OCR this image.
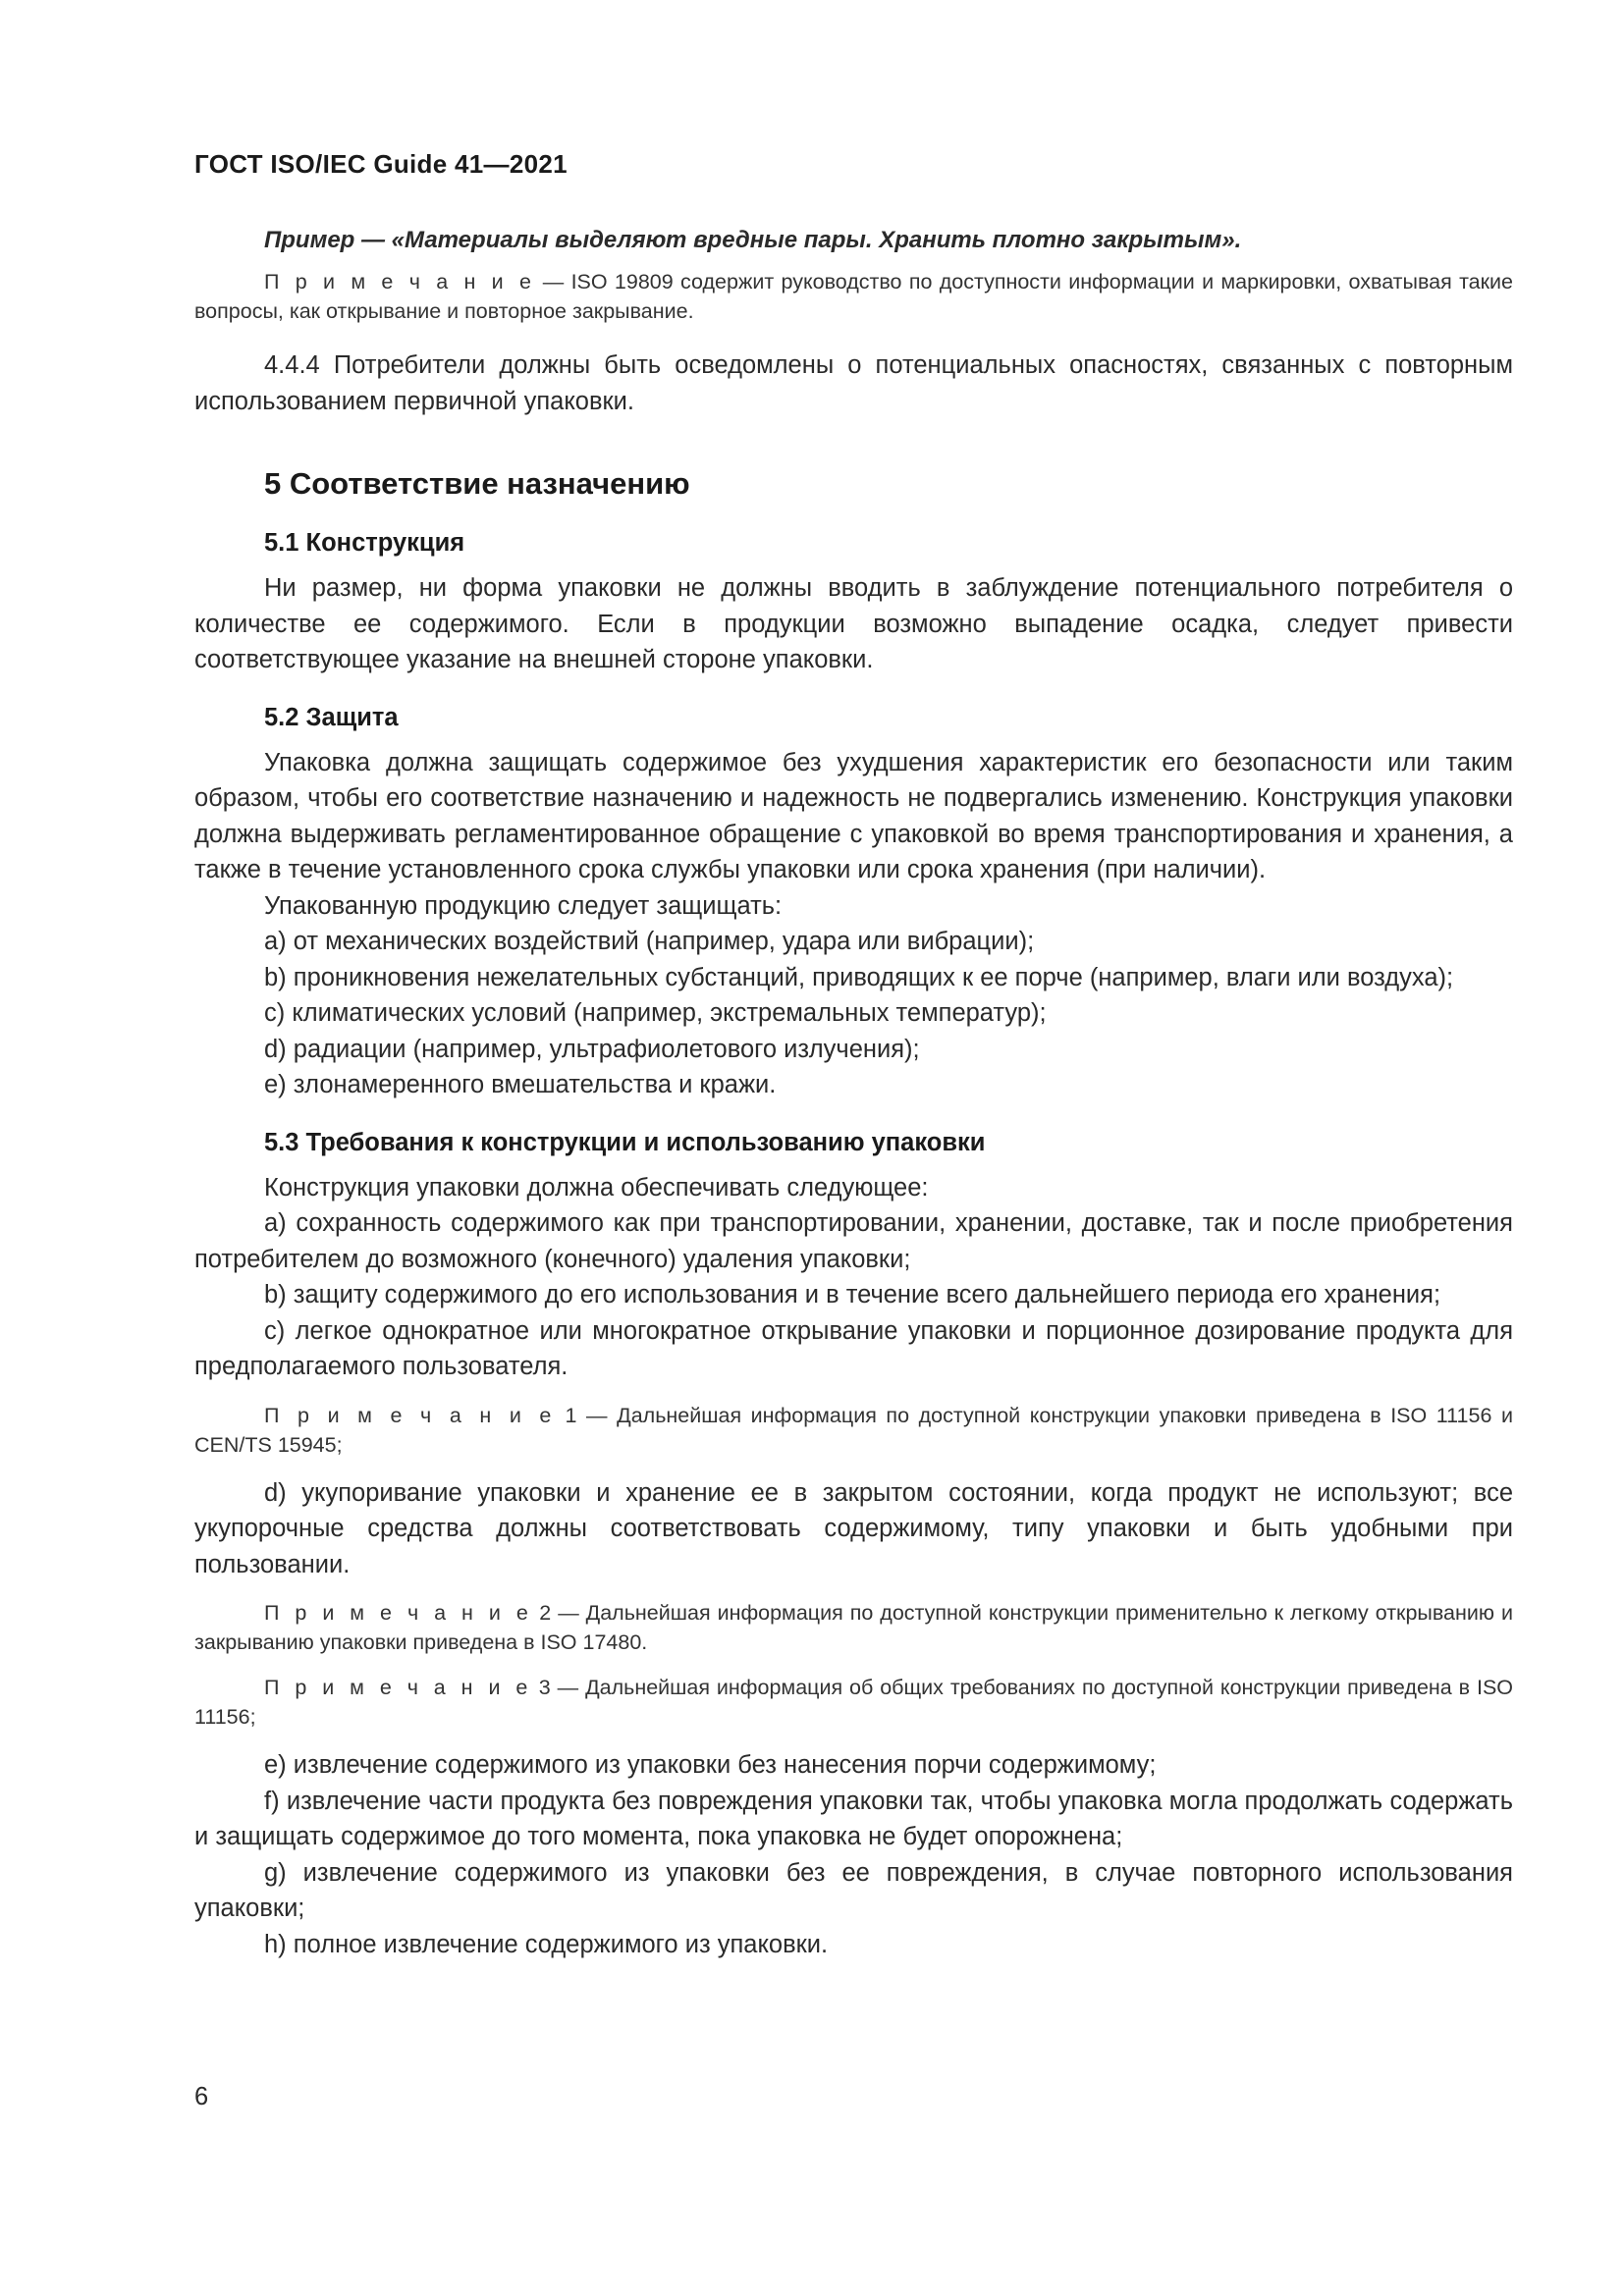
ГОСТ ISO/IEC Guide 41—2021

Пример — «Материалы выделяют вредные пары. Хранить плотно закрытым».

П р и м е ч а н и е — ISO 19809 содержит руководство по доступности информации и маркировки, охватывая такие вопросы, как открывание и повторное закрывание.

4.4.4 Потребители должны быть осведомлены о потенциальных опасностях, связанных с повторным использованием первичной упаковки.

5 Соответствие назначению
5.1 Конструкция

Ни размер, ни форма упаковки не должны вводить в заблуждение потенциального потребителя о количестве ее содержимого. Если в продукции возможно выпадение осадка, следует привести соответствующее указание на внешней стороне упаковки.

5.2 Защита

Упаковка должна защищать содержимое без ухудшения характеристик его безопасности или таким образом, чтобы его соответствие назначению и надежность не подвергались изменению. Конструкция упаковки должна выдерживать регламентированное обращение с упаковкой во время транспортирования и хранения, а также в течение установленного срока службы упаковки или срока хранения (при наличии).

Упакованную продукцию следует защищать:

a) от механических воздействий (например, удара или вибрации);

b) проникновения нежелательных субстанций, приводящих к ее порче (например, влаги или воздуха);

c) климатических условий (например, экстремальных температур);

d) радиации (например, ультрафиолетового излучения);

e) злонамеренного вмешательства и кражи.

5.3 Требования к конструкции и использованию упаковки

Конструкция упаковки должна обеспечивать следующее:

a) сохранность содержимого как при транспортировании, хранении, доставке, так и после приобретения потребителем до возможного (конечного) удаления упаковки;

b) защиту содержимого до его использования и в течение всего дальнейшего периода его хранения;

c) легкое однократное или многократное открывание упаковки и порционное дозирование продукта для предполагаемого пользователя.

П р и м е ч а н и е 1 — Дальнейшая информация по доступной конструкции упаковки приведена в ISO 11156 и CEN/TS 15945;

d) укупоривание упаковки и хранение ее в закрытом состоянии, когда продукт не используют; все укупорочные средства должны соответствовать содержимому, типу упаковки и быть удобными при пользовании.

П р и м е ч а н и е 2 — Дальнейшая информация по доступной конструкции применительно к легкому открыванию и закрыванию упаковки приведена в ISO 17480.

П р и м е ч а н и е 3 — Дальнейшая информация об общих требованиях по доступной конструкции приведена в ISO 11156;

e) извлечение содержимого из упаковки без нанесения порчи содержимому;

f) извлечение части продукта без повреждения упаковки так, чтобы упаковка могла продолжать содержать и защищать содержимое до того момента, пока упаковка не будет опорожнена;

g) извлечение содержимого из упаковки без ее повреждения, в случае повторного использования упаковки;

h) полное извлечение содержимого из упаковки.

6
